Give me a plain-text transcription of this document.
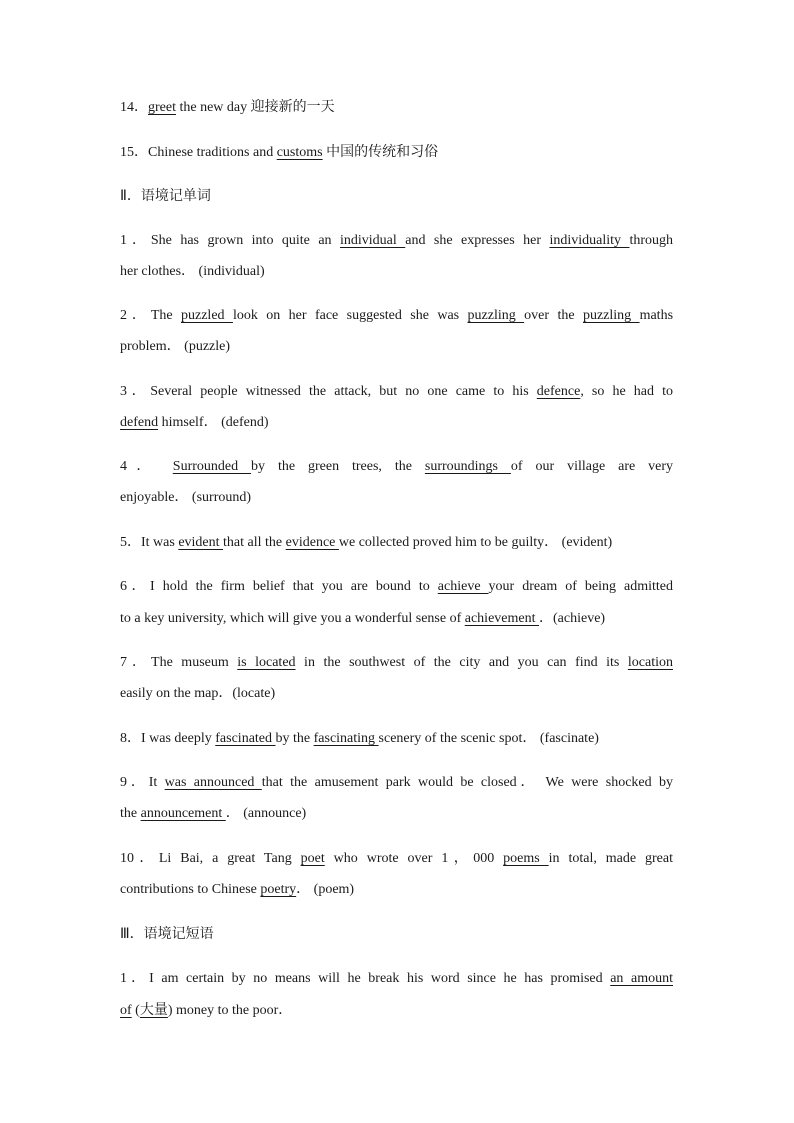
14．greet the new day 迎接新的一天
15．Chinese traditions and customs 中国的传统和习俗
Ⅱ．语境记单词
1．She has grown into quite an individual and she expresses her individuality through
her clothes． (individual)
2．The puzzled look on her face suggested she was puzzling over the puzzling maths
problem． (puzzle)
3．Several people witnessed the attack, but no one came to his defence, so he had to
defend himself． (defend)
4． Surrounded by the green trees, the surroundings of our village are very
enjoyable． (surround)
5．It was evident that all the evidence we collected proved him to be guilty． (evident)
6．I hold the firm belief that you are bound to achieve your dream of being admitted
to a key university, which will give you a wonderful sense of achievement ．(achieve)
7．The museum is located in the southwest of the city and you can find its location
easily on the map．(locate)
8．I was deeply fascinated by the fascinating scenery of the scenic spot． (fascinate)
9．It was announced that the amusement park would be closed． We were shocked by
the announcement ． (announce)
10．Li Bai, a great Tang poet who wrote over 1，000 poems in total, made great
contributions to Chinese poetry． (poem)
Ⅲ．语境记短语
1．I am certain by no means will he break his word since he has promised an amount
of (大量) money to the poor．
